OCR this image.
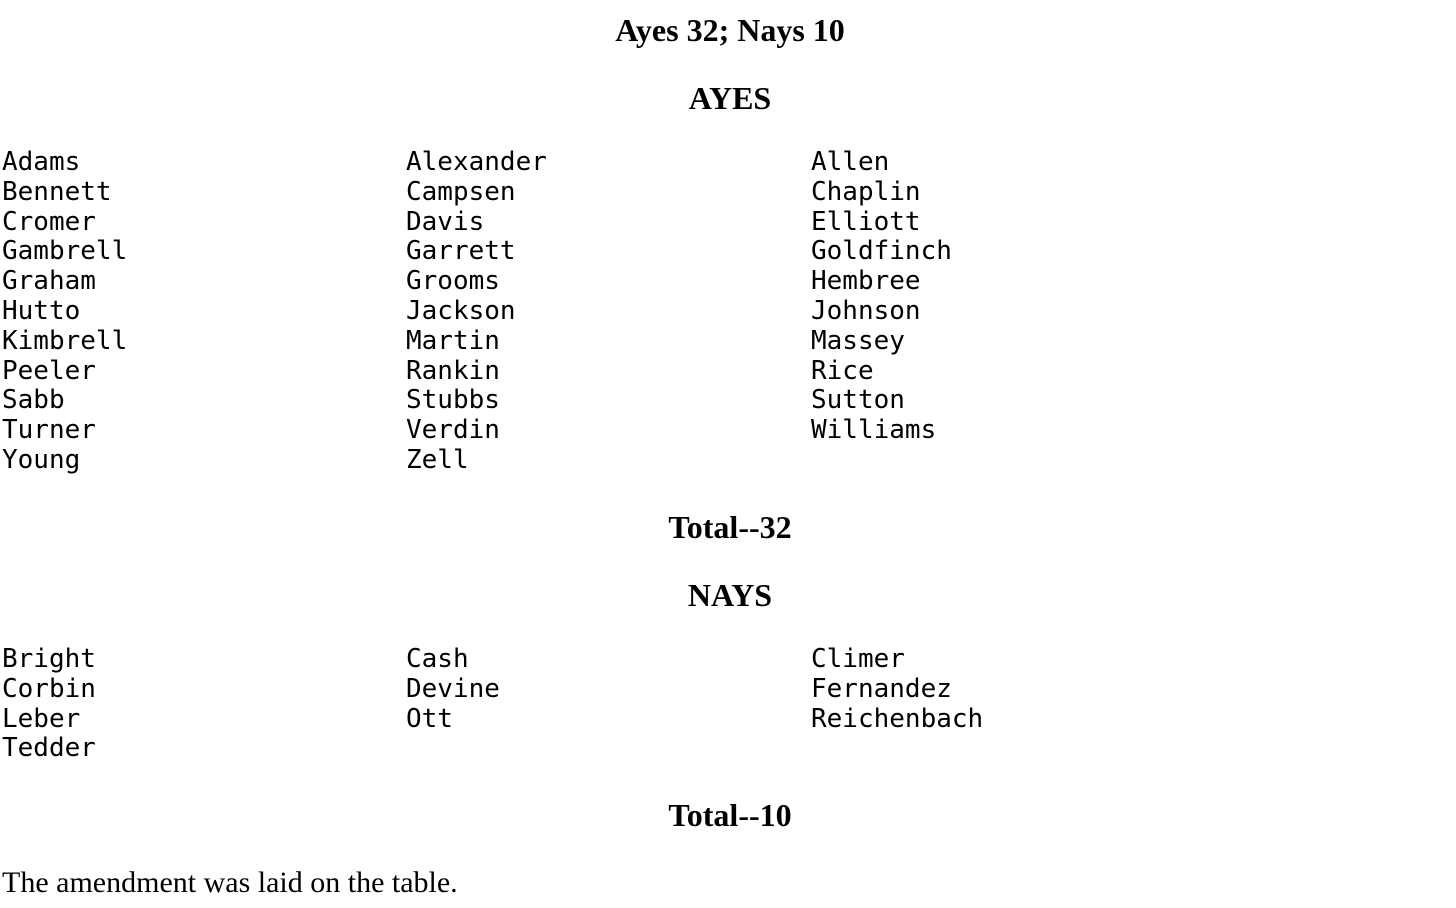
Ayes 32; Nays 10
AYES
Adams	Alexander	Allen
Bennett	Campsen	Chaplin
Cromer	Davis	Elliott
Gambrell	Garrett	Goldfinch
Graham	Grooms	Hembree
Hutto	Jackson	Johnson
Kimbrell	Martin	Massey
Peeler	Rankin	Rice
Sabb	Stubbs	Sutton
Turner	Verdin	Williams
Young	Zell
Total--32
NAYS
Bright	Cash	Climer
Corbin	Devine	Fernandez
Leber	Ott	Reichenbach
Tedder
Total--10

The amendment was laid on the table.
